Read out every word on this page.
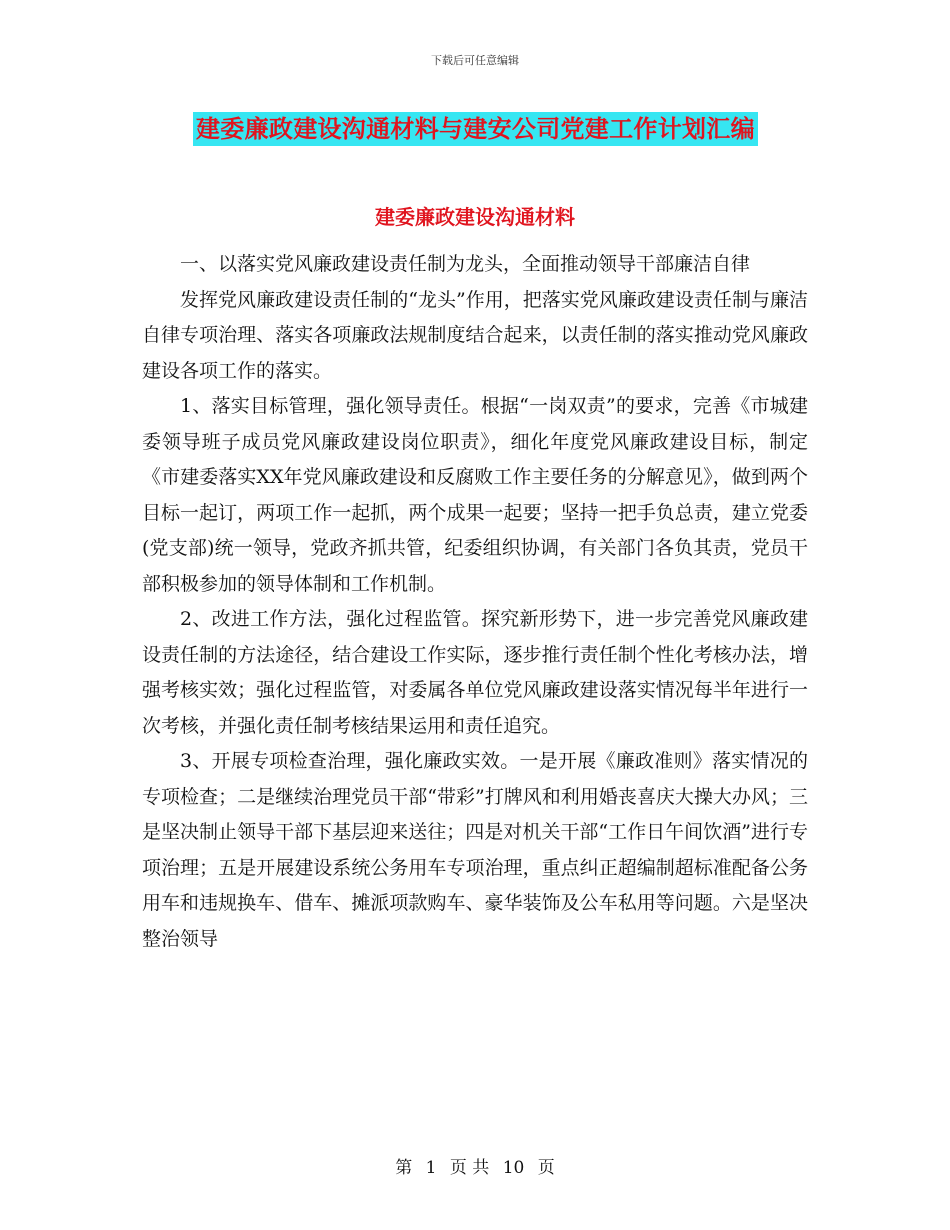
下载后可任意编辑
建委廉政建设沟通材料与建安公司党建工作计划汇编
建委廉政建设沟通材料

一、以落实党风廉政建设责任制为龙头，全面推动领导干部廉洁自律

发挥党风廉政建设责任制的“龙头”作用，把落实党风廉政建设责任制与廉洁自律专项治理、落实各项廉政法规制度结合起来，以责任制的落实推动党风廉政建设各项工作的落实。

1、落实目标管理，强化领导责任。根据“一岗双责”的要求，完善《市城建委领导班子成员党风廉政建设岗位职责》，细化年度党风廉政建设目标，制定《市建委落实XX年党风廉政建设和反腐败工作主要任务的分解意见》，做到两个目标一起订，两项工作一起抓，两个成果一起要；坚持一把手负总责，建立党委(党支部)统一领导，党政齐抓共管，纪委组织协调，有关部门各负其责，党员干部积极参加的领导体制和工作机制。

2、改进工作方法，强化过程监管。探究新形势下，进一步完善党风廉政建设责任制的方法途径，结合建设工作实际，逐步推行责任制个性化考核办法，增强考核实效；强化过程监管，对委属各单位党风廉政建设落实情况每半年进行一次考核，并强化责任制考核结果运用和责任追究。

3、开展专项检查治理，强化廉政实效。一是开展《廉政准则》落实情况的专项检查；二是继续治理党员干部“带彩”打牌风和利用婚丧喜庆大操大办风；三是坚决制止领导干部下基层迎来送往；四是对机关干部“工作日午间饮酒”进行专项治理；五是开展建设系统公务用车专项治理，重点纠正超编制超标准配备公务用车和违规换车、借车、摊派项款购车、豪华装饰及公车私用等问题。六是坚决整治领导

第 1 页 共 10 页
